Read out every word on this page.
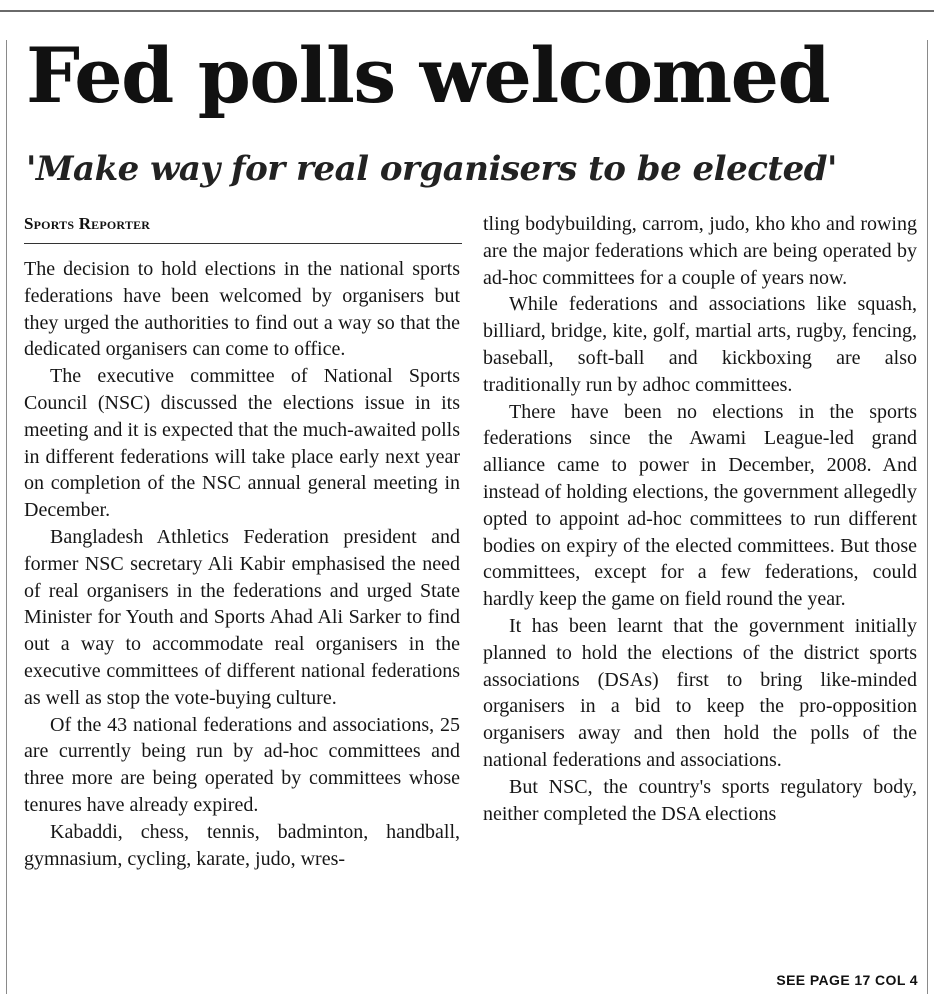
Fed polls welcomed
'Make way for real organisers to be elected'
Sports Reporter

The decision to hold elections in the national sports federations have been welcomed by organisers but they urged the authorities to find out a way so that the dedicated organisers can come to office.

The executive committee of National Sports Council (NSC) discussed the elections issue in its meeting and it is expected that the much-awaited polls in different federations will take place early next year on completion of the NSC annual general meeting in December.

Bangladesh Athletics Federation president and former NSC secretary Ali Kabir emphasised the need of real organisers in the federations and urged State Minister for Youth and Sports Ahad Ali Sarker to find out a way to accommodate real organisers in the executive committees of different national federations as well as stop the vote-buying culture.

Of the 43 national federations and associations, 25 are currently being run by ad-hoc committees and three more are being operated by committees whose tenures have already expired.

Kabaddi, chess, tennis, badminton, handball, gymnasium, cycling, karate, judo, wres-

tling bodybuilding, carrom, judo, kho kho and rowing are the major federations which are being operated by ad-hoc committees for a couple of years now.

While federations and associations like squash, billiard, bridge, kite, golf, martial arts, rugby, fencing, baseball, soft-ball and kickboxing are also traditionally run by adhoc committees.

There have been no elections in the sports federations since the Awami League-led grand alliance came to power in December, 2008. And instead of holding elections, the government allegedly opted to appoint ad-hoc committees to run different bodies on expiry of the elected committees. But those committees, except for a few federations, could hardly keep the game on field round the year.

It has been learnt that the government initially planned to hold the elections of the district sports associations (DSAs) first to bring like-minded organisers in a bid to keep the pro-opposition organisers away and then hold the polls of the national federations and associations.

But NSC, the country's sports regulatory body, neither completed the DSA elections

SEE PAGE 17 COL 4
